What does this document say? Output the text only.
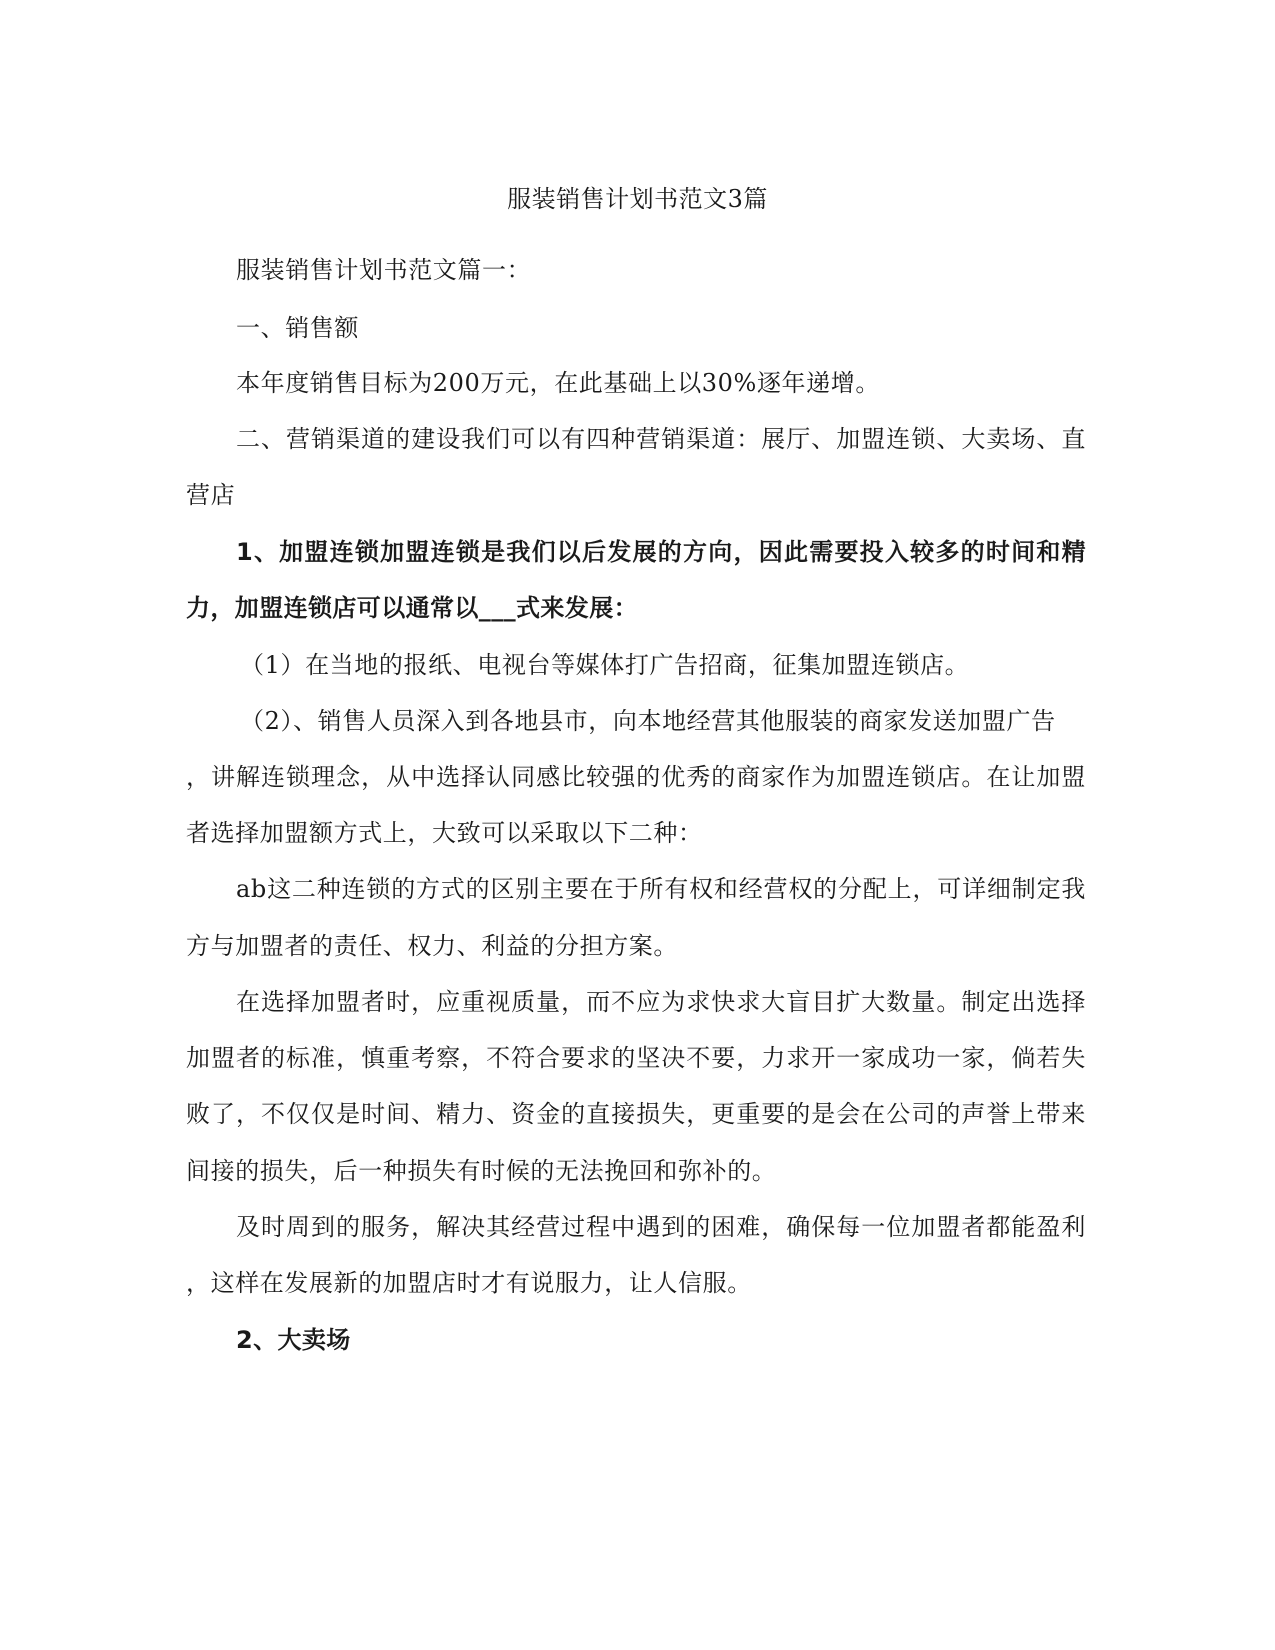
服装销售计划书范文3篇
服装销售计划书范文篇一：
一、销售额
本年度销售目标为200万元，在此基础上以30%逐年递增。
二、营销渠道的建设我们可以有四种营销渠道：展厅、加盟连锁、大卖场、直
营店
1、加盟连锁加盟连锁是我们以后发展的方向，因此需要投入较多的时间和精
力，加盟连锁店可以通常以___式来发展：
（1）在当地的报纸、电视台等媒体打广告招商，征集加盟连锁店。
（2）、销售人员深入到各地县市，向本地经营其他服装的商家发送加盟广告
，讲解连锁理念，从中选择认同感比较强的优秀的商家作为加盟连锁店。在让加盟
者选择加盟额方式上，大致可以采取以下二种：
ab这二种连锁的方式的区别主要在于所有权和经营权的分配上，可详细制定我
方与加盟者的责任、权力、利益的分担方案。
在选择加盟者时，应重视质量，而不应为求快求大盲目扩大数量。制定出选择
加盟者的标准，慎重考察，不符合要求的坚决不要，力求开一家成功一家，倘若失
败了，不仅仅是时间、精力、资金的直接损失，更重要的是会在公司的声誉上带来
间接的损失，后一种损失有时候的无法挽回和弥补的。
及时周到的服务，解决其经营过程中遇到的困难，确保每一位加盟者都能盈利
，这样在发展新的加盟店时才有说服力，让人信服。
2、大卖场
